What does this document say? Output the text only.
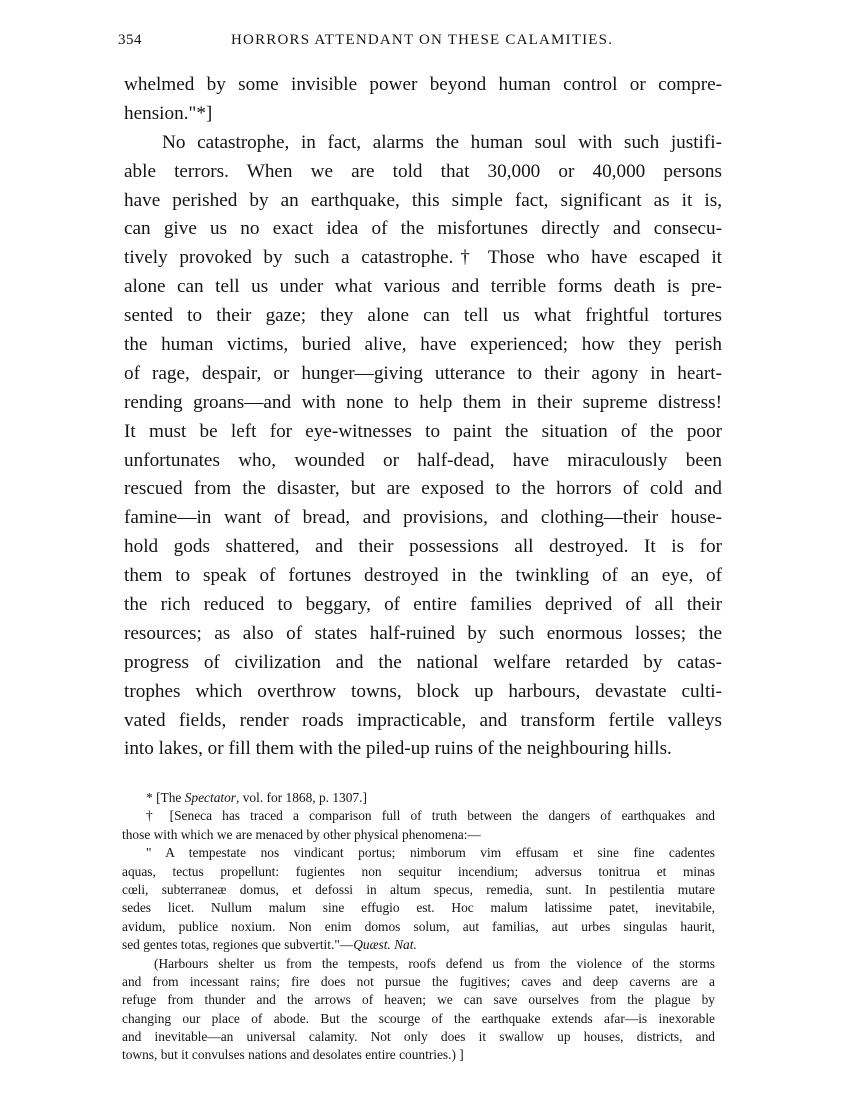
354	HORRORS ATTENDANT ON THESE CALAMITIES.
whelmed by some invisible power beyond human control or compre-
hension."*]
No catastrophe, in fact, alarms the human soul with such justifi-
able terrors. When we are told that 30,000 or 40,000 persons
have perished by an earthquake, this simple fact, significant as it is,
can give us no exact idea of the misfortunes directly and consecu-
tively provoked by such a catastrophe.† Those who have escaped it
alone can tell us under what various and terrible forms death is pre-
sented to their gaze; they alone can tell us what frightful tortures
the human victims, buried alive, have experienced; how they perish
of rage, despair, or hunger—giving utterance to their agony in heart-
rending groans—and with none to help them in their supreme distress!
It must be left for eye-witnesses to paint the situation of the poor
unfortunates who, wounded or half-dead, have miraculously been
rescued from the disaster, but are exposed to the horrors of cold and
famine—in want of bread, and provisions, and clothing—their house-
hold gods shattered, and their possessions all destroyed. It is for
them to speak of fortunes destroyed in the twinkling of an eye, of
the rich reduced to beggary, of entire families deprived of all their
resources; as also of states half-ruined by such enormous losses; the
progress of civilization and the national welfare retarded by catas-
trophes which overthrow towns, block up harbours, devastate culti-
vated fields, render roads impracticable, and transform fertile valleys
into lakes, or fill them with the piled-up ruins of the neighbouring hills.
* [The Spectator, vol. for 1868, p. 1307.]
† [Seneca has traced a comparison full of truth between the dangers of earthquakes and
those with which we are menaced by other physical phenomena:—
" A tempestate nos vindicant portus; nimborum vim effusam et sine fine cadentes
aquas, tectus propellunt: fugientes non sequitur incendium; adversus tonitrua et minas
cœli, subterraneæ domus, et defossi in altum specus, remedia, sunt. In pestilentia mutare
sedes licet. Nullum malum sine effugio est. Hoc malum latissime patet, inevitabile,
avidum, publice noxium. Non enim domos solum, aut familias, aut urbes singulas haurit,
sed gentes totas, regiones que subvertit."—Quæst. Nat.
(Harbours shelter us from the tempests, roofs defend us from the violence of the storms
and from incessant rains; fire does not pursue the fugitives; caves and deep caverns are a
refuge from thunder and the arrows of heaven; we can save ourselves from the plague by
changing our place of abode. But the scourge of the earthquake extends afar—is inexorable
and inevitable—an universal calamity. Not only does it swallow up houses, districts, and
towns, but it convulses nations and desolates entire countries.) ]
